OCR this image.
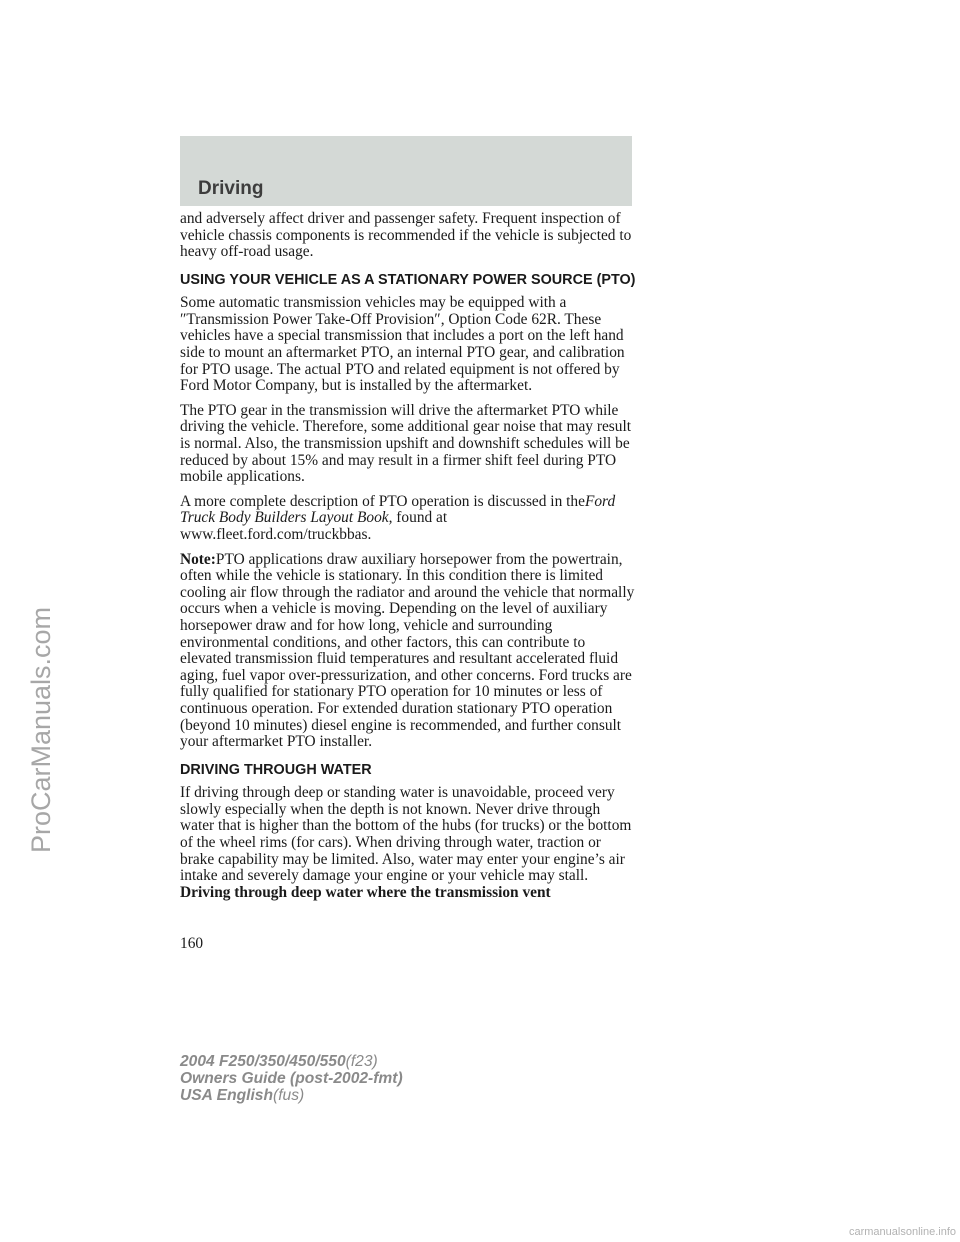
Driving
ProCarManuals.com

and adversely affect driver and passenger safety. Frequent inspection of vehicle chassis components is recommended if the vehicle is subjected to heavy off-road usage.

USING YOUR VEHICLE AS A STATIONARY POWER SOURCE (PTO)

Some automatic transmission vehicles may be equipped with a ″Transmission Power Take-Off Provision″, Option Code 62R. These vehicles have a special transmission that includes a port on the left hand side to mount an aftermarket PTO, an internal PTO gear, and calibration for PTO usage. The actual PTO and related equipment is not offered by Ford Motor Company, but is installed by the aftermarket.

The PTO gear in the transmission will drive the aftermarket PTO while driving the vehicle. Therefore, some additional gear noise that may result is normal. Also, the transmission upshift and downshift schedules will be reduced by about 15% and may result in a firmer shift feel during PTO mobile applications.

A more complete description of PTO operation is discussed in theFord Truck Body Builders Layout Book, found at
www.fleet.ford.com/truckbbas.

Note:PTO applications draw auxiliary horsepower from the powertrain, often while the vehicle is stationary. In this condition there is limited cooling air flow through the radiator and around the vehicle that normally occurs when a vehicle is moving. Depending on the level of auxiliary horsepower draw and for how long, vehicle and surrounding environmental conditions, and other factors, this can contribute to elevated transmission fluid temperatures and resultant accelerated fluid aging, fuel vapor over-pressurization, and other concerns. Ford trucks are fully qualified for stationary PTO operation for 10 minutes or less of continuous operation. For extended duration stationary PTO operation (beyond 10 minutes) diesel engine is recommended, and further consult your aftermarket PTO installer.

DRIVING THROUGH WATER

If driving through deep or standing water is unavoidable, proceed very slowly especially when the depth is not known. Never drive through water that is higher than the bottom of the hubs (for trucks) or the bottom of the wheel rims (for cars). When driving through water, traction or brake capability may be limited. Also, water may enter your engine’s air intake and severely damage your engine or your vehicle may stall. Driving through deep water where the transmission vent

160

2004 F250/350/450/550(f23)
Owners Guide (post-2002-fmt)
USA English(fus)
carmanualsonline.info
